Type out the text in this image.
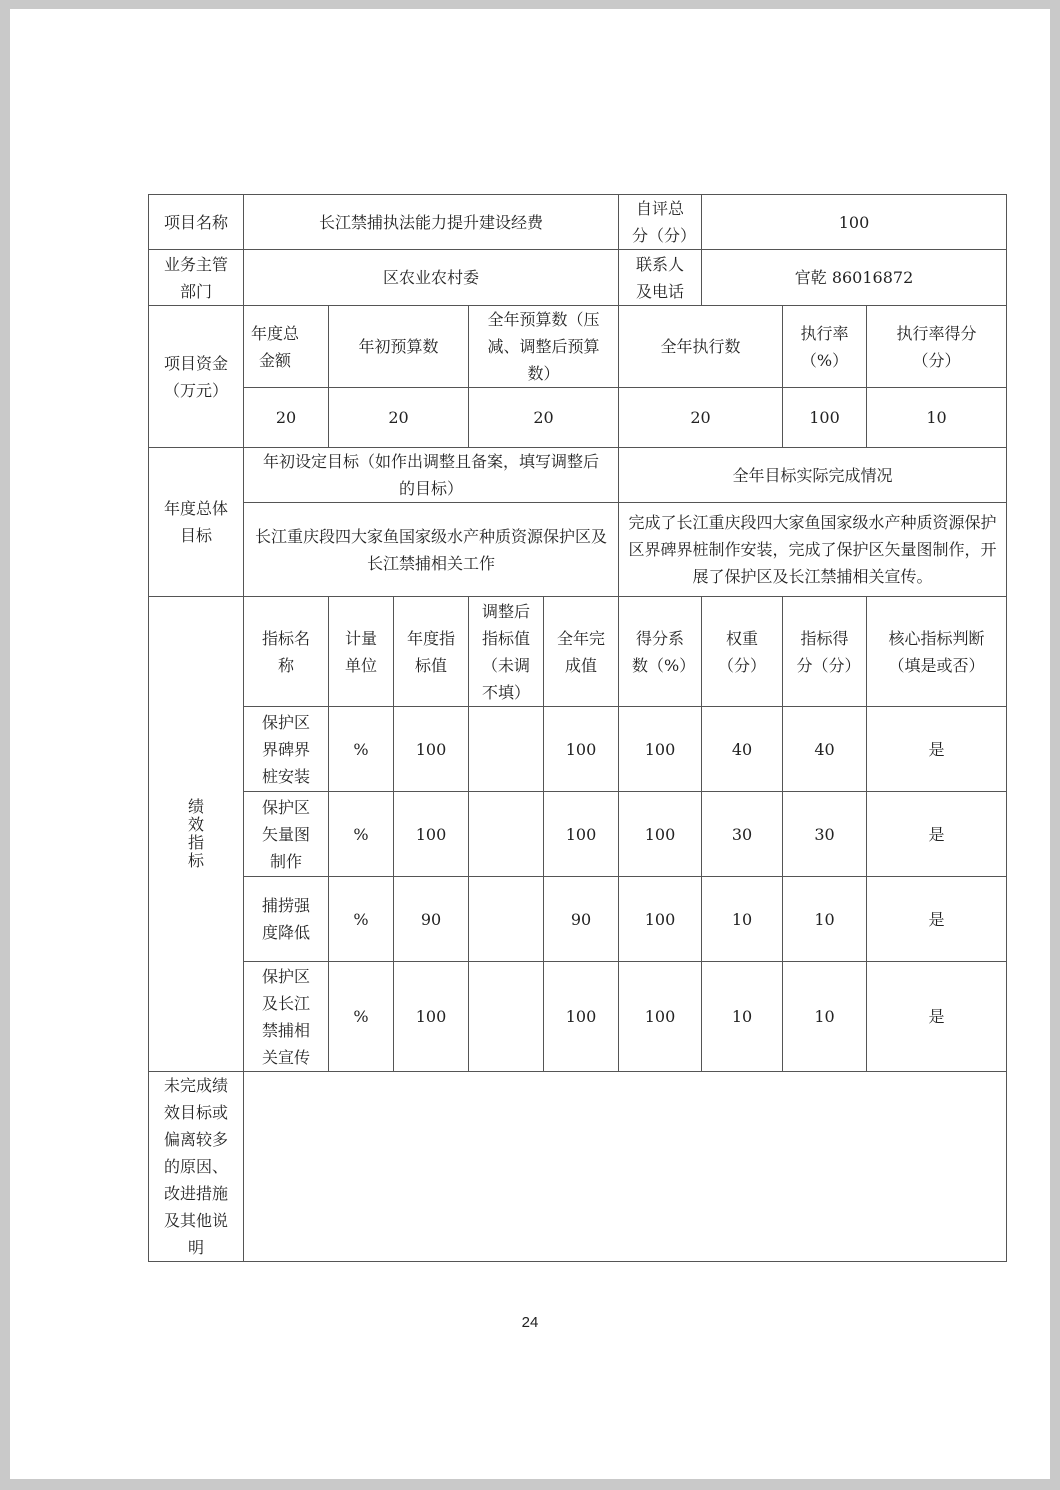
项目名称	长江禁捕执法能力提升建设经费					自评总分（分）	100		

业务主管部门	区农业农村委					联系人及电话	官乾 86016872		

项目资金（万元）	年度总金额	年初预算数		全年预算数（压减、调整后预算数）		全年执行数		执行率（%）	执行率得分（分）

	20	20		20		20		100	10

年度总体目标	年初设定目标（如作出调整且备案，填写调整后的目标）					全年目标实际完成情况			

	长江重庆段四大家鱼国家级水产种质资源保护区及长江禁捕相关工作					完成了长江重庆段四大家鱼国家级水产种质资源保护区界碑界桩制作安装，完成了保护区矢量图制作，开展了保护区及长江禁捕相关宣传。			

绩效指标	指标名称	计量单位	年度指标值	调整后指标值（未调不填）	全年完成值	得分系数（%）	权重（分）	指标得分（分）	核心指标判断（填是或否）

	保护区界碑界桩安装	%	100		100	100	40	40	是

	保护区矢量图制作	%	100		100	100	30	30	是

	捕捞强度降低	%	90		90	100	10	10	是

	保护区及长江禁捕相关宣传	%	100		100	100	10	10	是

未完成绩效目标或偏离较多的原因、改进措施及其他说明									

24
